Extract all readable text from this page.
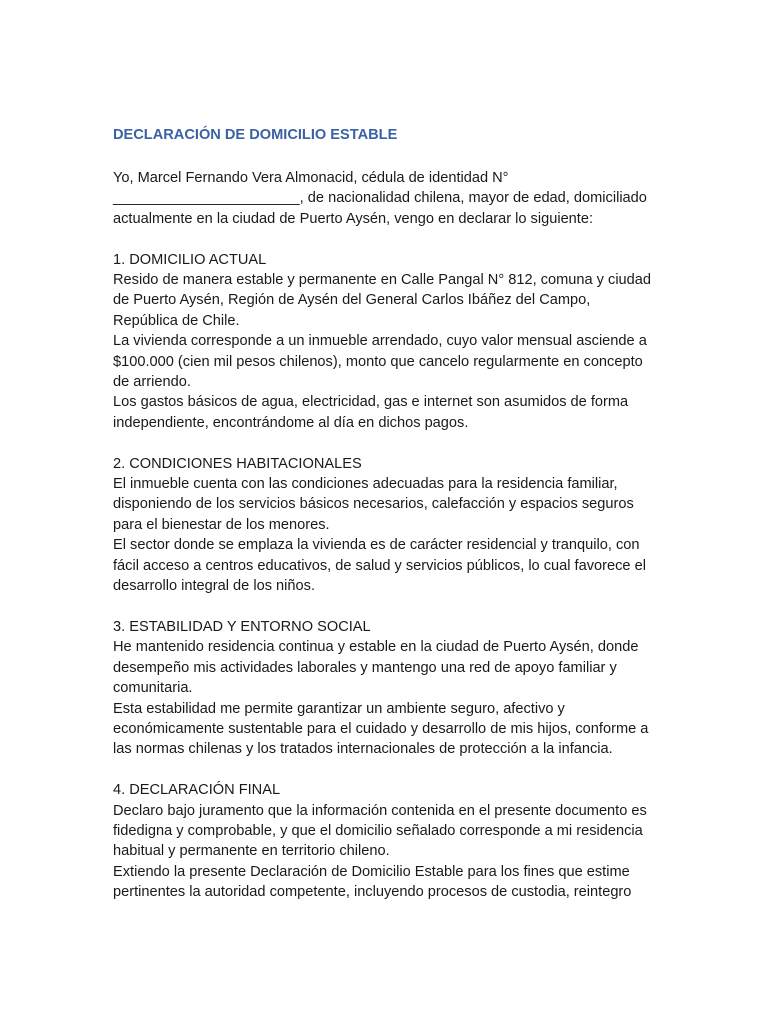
DECLARACIÓN DE DOMICILIO ESTABLE

Yo, Marcel Fernando Vera Almonacid, cédula de identidad N° _______________________, de nacionalidad chilena, mayor de edad, domiciliado actualmente en la ciudad de Puerto Aysén, vengo en declarar lo siguiente:

1. DOMICILIO ACTUAL

Resido de manera estable y permanente en Calle Pangal N° 812, comuna y ciudad de Puerto Aysén, Región de Aysén del General Carlos Ibáñez del Campo, República de Chile.

La vivienda corresponde a un inmueble arrendado, cuyo valor mensual asciende a $100.000 (cien mil pesos chilenos), monto que cancelo regularmente en concepto de arriendo.

Los gastos básicos de agua, electricidad, gas e internet son asumidos de forma independiente, encontrándome al día en dichos pagos.

2. CONDICIONES HABITACIONALES

El inmueble cuenta con las condiciones adecuadas para la residencia familiar, disponiendo de los servicios básicos necesarios, calefacción y espacios seguros para el bienestar de los menores.

El sector donde se emplaza la vivienda es de carácter residencial y tranquilo, con fácil acceso a centros educativos, de salud y servicios públicos, lo cual favorece el desarrollo integral de los niños.

3. ESTABILIDAD Y ENTORNO SOCIAL

He mantenido residencia continua y estable en la ciudad de Puerto Aysén, donde desempeño mis actividades laborales y mantengo una red de apoyo familiar y comunitaria.

Esta estabilidad me permite garantizar un ambiente seguro, afectivo y económicamente sustentable para el cuidado y desarrollo de mis hijos, conforme a las normas chilenas y los tratados internacionales de protección a la infancia.

4. DECLARACIÓN FINAL

Declaro bajo juramento que la información contenida en el presente documento es fidedigna y comprobable, y que el domicilio señalado corresponde a mi residencia habitual y permanente en territorio chileno.

Extiendo la presente Declaración de Domicilio Estable para los fines que estime pertinentes la autoridad competente, incluyendo procesos de custodia, reintegro
